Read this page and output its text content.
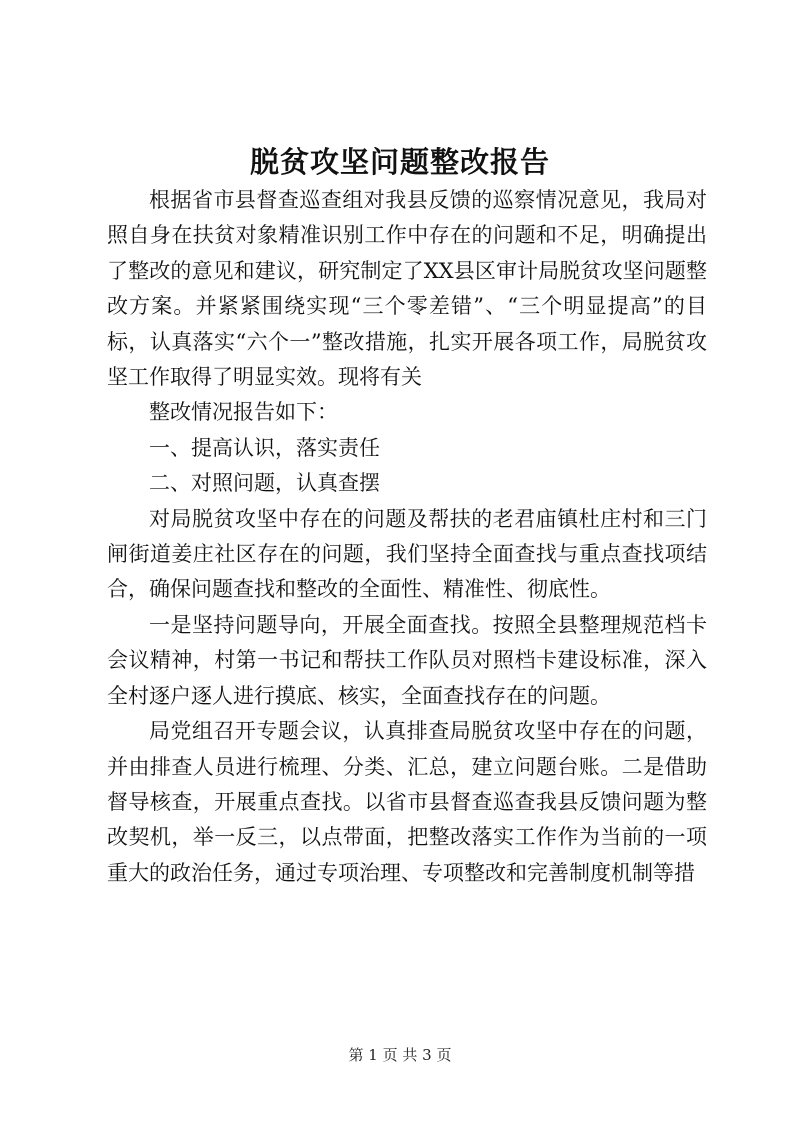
脱贫攻坚问题整改报告

根据省市县督查巡查组对我县反馈的巡察情况意见，我局对照自身在扶贫对象精准识别工作中存在的问题和不足，明确提出了整改的意见和建议，研究制定了XX县区审计局脱贫攻坚问题整改方案。并紧紧围绕实现“三个零差错”、“三个明显提高”的目标，认真落实“六个一”整改措施，扎实开展各项工作，局脱贫攻坚工作取得了明显实效。现将有关

整改情况报告如下：

一、提高认识，落实责任

二、对照问题，认真查摆

对局脱贫攻坚中存在的问题及帮扶的老君庙镇杜庄村和三门闸街道姜庄社区存在的问题，我们坚持全面查找与重点查找项结合，确保问题查找和整改的全面性、精准性、彻底性。

一是坚持问题导向，开展全面查找。按照全县整理规范档卡会议精神，村第一书记和帮扶工作队员对照档卡建设标准，深入全村逐户逐人进行摸底、核实，全面查找存在的问题。

局党组召开专题会议，认真排查局脱贫攻坚中存在的问题，并由排查人员进行梳理、分类、汇总，建立问题台账。二是借助督导核查，开展重点查找。以省市县督查巡查我县反馈问题为整改契机，举一反三，以点带面，把整改落实工作作为当前的一项重大的政治任务，通过专项治理、专项整改和完善制度机制等措

第 1 页 共 3 页
